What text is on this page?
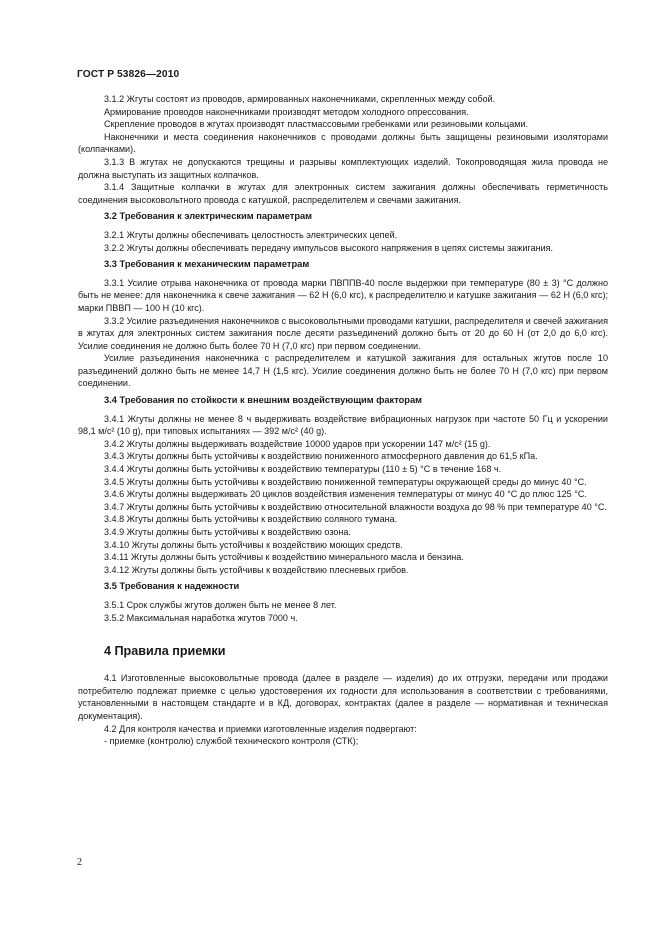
ГОСТ Р 53826—2010
3.1.2 Жгуты состоят из проводов, армированных наконечниками, скрепленных между собой.
Армирование проводов наконечниками производят методом холодного опрессования.
Скрепление проводов в жгутах производят пластмассовыми гребенками или резиновыми кольцами.
Наконечники и места соединения наконечников с проводами должны быть защищены резиновыми изоляторами (колпачками).
3.1.3 В жгутах не допускаются трещины и разрывы комплектующих изделий. Токопроводящая жила провода не должна выступать из защитных колпачков.
3.1.4 Защитные колпачки в жгутах для электронных систем зажигания должны обеспечивать герметичность соединения высоковольтного провода с катушкой, распределителем и свечами зажигания.
3.2 Требования к электрическим параметрам
3.2.1 Жгуты должны обеспечивать целостность электрических цепей.
3.2.2 Жгуты должны обеспечивать передачу импульсов высокого напряжения в цепях системы зажигания.
3.3 Требования к механическим параметрам
3.3.1 Усилие отрыва наконечника от провода марки ПВППВ-40 после выдержки при температуре (80 ± 3) °С должно быть не менее: для наконечника к свече зажигания — 62 Н (6,0 кгс), к распределителю и катушке зажигания — 62 Н (6,0 кгс); марки ПВВП — 100 Н (10 кгс).
3.3.2 Усилие разъединения наконечников с высоковольтными проводами катушки, распределителя и свечей зажигания в жгутах для электронных систем зажигания после десяти разъединений должно быть от 20 до 60 Н (от 2,0 до 6,0 кгс). Усилие соединения не должно быть более 70 Н (7,0 кгс) при первом соединении.
Усилие разъединения наконечника с распределителем и катушкой зажигания для остальных жгутов после 10 разъединений должно быть не менее 14,7 Н (1,5 кгс). Усилие соединения должно быть не более 70 Н (7,0 кгс) при первом соединении.
3.4 Требования по стойкости к внешним воздействующим факторам
3.4.1 Жгуты должны не менее 8 ч выдерживать воздействие вибрационных нагрузок при частоте 50 Гц и ускорении 98,1 м/с² (10 g), при типовых испытаниях — 392 м/с² (40 g).
3.4.2 Жгуты должны выдерживать воздействие 10000 ударов при ускорении 147 м/с² (15 g).
3.4.3 Жгуты должны быть устойчивы к воздействию пониженного атмосферного давления до 61,5 кПа.
3.4.4 Жгуты должны быть устойчивы к воздействию температуры (110 ± 5) °С в течение 168 ч.
3.4.5 Жгуты должны быть устойчивы к воздействию пониженной температуры окружающей среды до минус 40 °С.
3.4.6 Жгуты должны выдерживать 20 циклов воздействия изменения температуры от минус 40 °С до плюс 125 °С.
3.4.7 Жгуты должны быть устойчивы к воздействию относительной влажности воздуха до 98 % при температуре 40 °С.
3.4.8 Жгуты должны быть устойчивы к воздействию соляного тумана.
3.4.9 Жгуты должны быть устойчивы к воздействию озона.
3.4.10 Жгуты должны быть устойчивы к воздействию моющих средств.
3.4.11 Жгуты должны быть устойчивы к воздействию минерального масла и бензина.
3.4.12 Жгуты должны быть устойчивы к воздействию плесневых грибов.
3.5 Требования к надежности
3.5.1 Срок службы жгутов должен быть не менее 8 лет.
3.5.2 Максимальная наработка жгутов 7000 ч.
4 Правила приемки
4.1 Изготовленные высоковольтные провода (далее в разделе — изделия) до их отгрузки, передачи или продажи потребителю подлежат приемке с целью удостоверения их годности для использования в соответствии с требованиями, установленными в настоящем стандарте и в КД, договорах, контрактах (далее в разделе — нормативная и техническая документация).
4.2 Для контроля качества и приемки изготовленные изделия подвергают:
- приемке (контролю) службой технического контроля (СТК);
2
